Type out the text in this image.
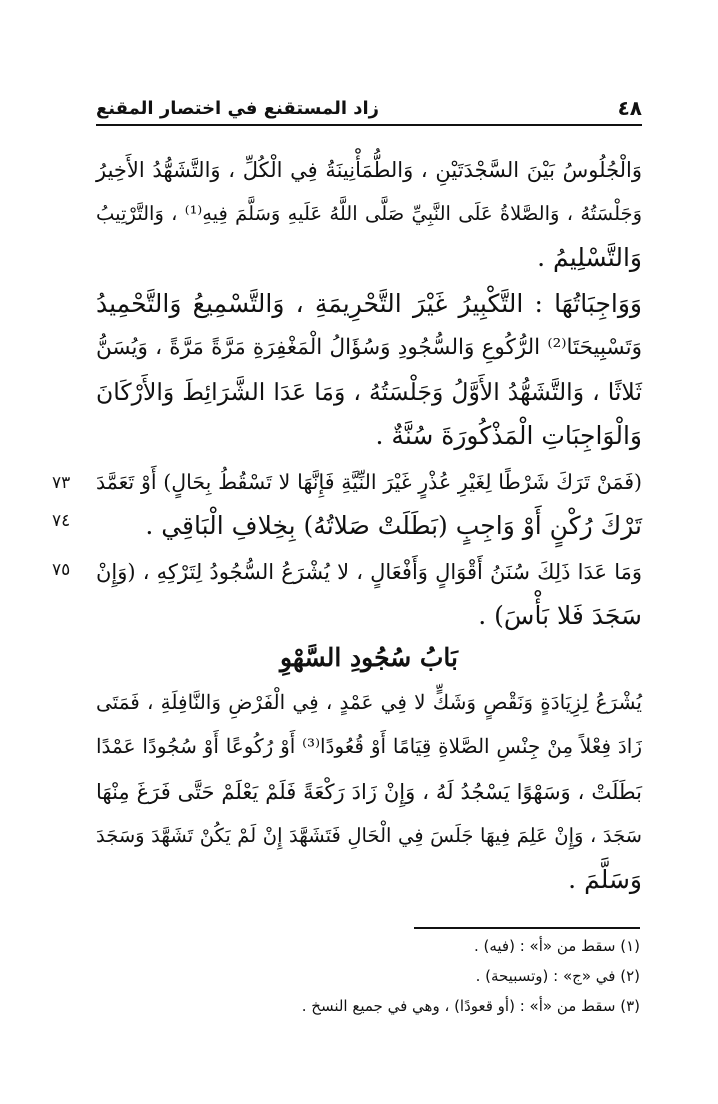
٤٨
زاد المستقنع في اختصار المقنع
وَالْجُلُوسُ بَيْنَ السَّجْدَتَيْنِ ، وَالطُّمَأْنِينَةُ فِي الْكُلِّ ، وَالتَّشَهُّدُ الأَخِيرُ
وَجَلْسَتُهُ ، وَالصَّلاةُ عَلَى النَّبِيِّ صَلَّى اللَّهُ عَلَيهِ وَسَلَّمَ فِيهِ⁽¹⁾ ، وَالتَّرْتِيبُ
وَالتَّسْلِيمُ .
وَوَاجِبَاتُهَا : التَّكْبِيرُ غَيْرَ التَّحْرِيمَةِ ، وَالتَّسْمِيعُ وَالتَّحْمِيدُ
وَتَسْبِيحَتَا⁽²⁾ الرُّكُوعِ وَالسُّجُودِ وَسُؤَالُ الْمَغْفِرَةِ مَرَّةً مَرَّةً ، وَيُسَنُّ
ثَلاثًا ، وَالتَّشَهُّدُ الأَوَّلُ وَجَلْسَتُهُ ، وَمَا عَدَا الشَّرَائِطَ وَالأَرْكَانَ
وَالْوَاجِبَاتِ الْمَذْكُورَةَ سُنَّةٌ .
(فَمَنْ تَرَكَ شَرْطًا لِغَيْرِ عُذْرٍ غَيْرَ النِّيَّةِ فَإِنَّهَا لا تَسْقُطُ بِحَالٍ) أَوْ تَعَمَّدَ
تَرْكَ رُكْنٍ أَوْ وَاجِبٍ (بَطَلَتْ صَلاتُهُ) بِخِلافِ الْبَاقِي .
وَمَا عَدَا ذَلِكَ سُنَنُ أَقْوَالٍ وَأَفْعَالٍ ، لا يُشْرَعُ السُّجُودُ لِتَرْكِهِ ، (وَإِنْ
سَجَدَ فَلا بَأْسَ) .
بَابُ سُجُودِ السَّهْوِ
يُشْرَعُ لِزِيَادَةٍ وَنَقْصٍ وَشَكٍّ لا فِي عَمْدٍ ، فِي الْفَرْضِ وَالنَّافِلَةِ ، فَمَتَى
زَادَ فِعْلاً مِنْ جِنْسِ الصَّلاةِ قِيَامًا أَوْ قُعُودًا⁽³⁾ أَوْ رُكُوعًا أَوْ سُجُودًا عَمْدًا
بَطَلَتْ ، وَسَهْوًا يَسْجُدُ لَهُ ، وَإِنْ زَادَ رَكْعَةً فَلَمْ يَعْلَمْ حَتَّى فَرَغَ مِنْهَا
سَجَدَ ، وَإِنْ عَلِمَ فِيهَا جَلَسَ فِي الْحَالِ فَتَشَهَّدَ إِنْ لَمْ يَكُنْ تَشَهَّدَ وَسَجَدَ
وَسَلَّمَ .
٧٣
٧٤
٧٥
(١) سقط من «أ» : (فيه) .
(٢) في «ج» : (وتسبيحة) .
(٣) سقط من «أ» : (أو قعودًا) ، وهي في جميع النسخ .
